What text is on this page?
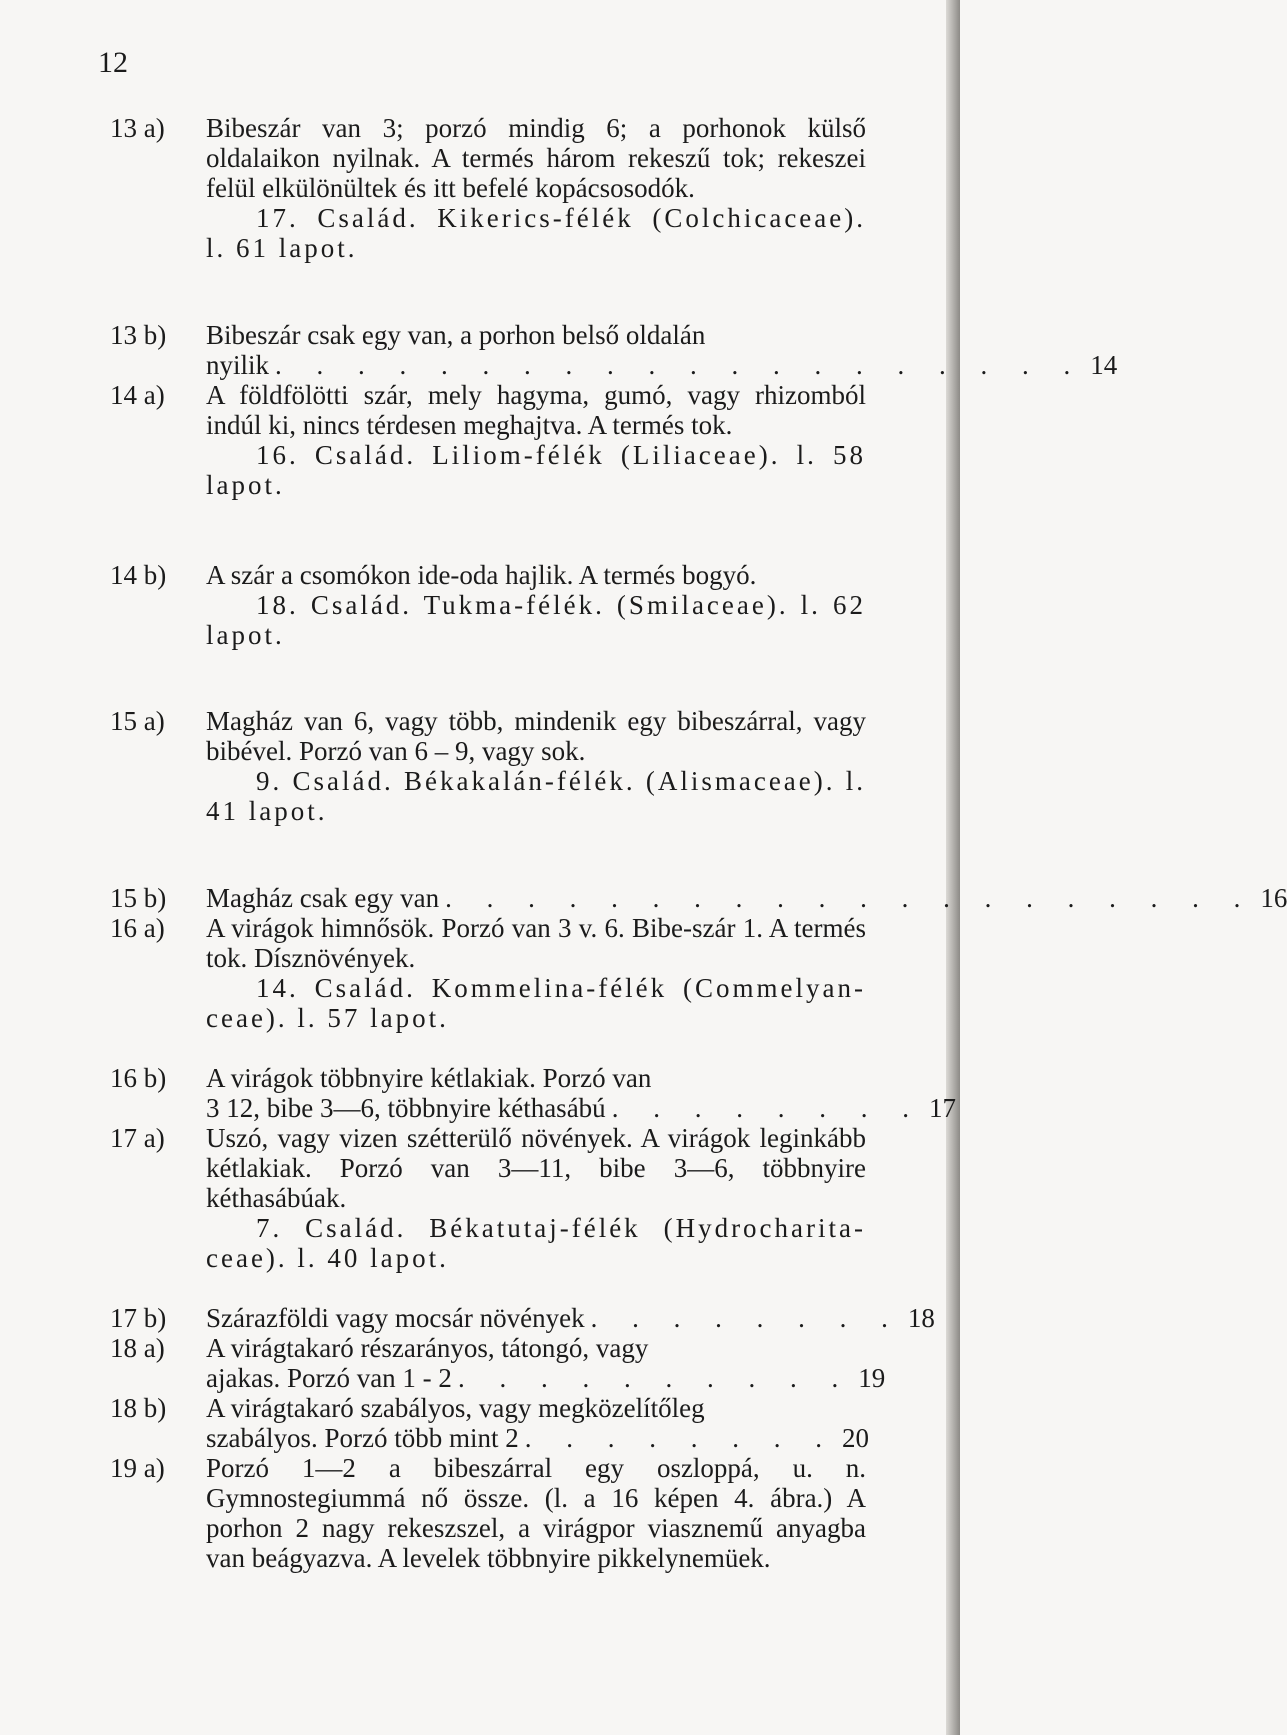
12
13 a)	Bibeszár van 3; porzó mindig 6; a porhonok külső oldalaikon nyilnak. A termés három rekeszű tok; rekeszei felül elkülönültek és itt befelé kopácsosodók.

17. Család. Kikerics-félék (Colchicaceae). l. 61 lapot.

13 b)	Bibeszár csak egy van, a porhon belső oldalán

nyilik . . . . . . . . . . . . . . . . . . . . 14
14 a)	A földfölötti szár, mely hagyma, gumó, vagy rhizomból indúl ki, nincs térdesen meghajtva. A termés tok.

16. Család. Liliom-félék (Liliaceae). l. 58 lapot.

14 b)	A szár a csomókon ide-oda hajlik. A termés bogyó.

18. Család. Tukma-félék. (Smilaceae). l. 62 lapot.

15 a)	Magház van 6, vagy több, mindenik egy bibeszárral, vagy bibével. Porzó van 6 – 9, vagy sok.

9. Család. Békakalán-félék. (Alismaceae). l. 41 lapot.

15 b)	Magház csak egy van . . . . . . . . . . . . . . . . . . . . 16
16 a)	A virágok himnősök. Porzó van 3 v. 6. Bibe-szár 1. A termés tok. Dísznövények.

14. Család. Kommelina-félék (Commelyan-ceae). l. 57 lapot.

16 b)	A virágok többnyire kétlakiak. Porzó van

3 12, bibe 3—6, többnyire kéthasábú . . . . . . . . 17
17 a)	Uszó, vagy vizen szétterülő növények. A virágok leginkább kétlakiak. Porzó van 3—11, bibe 3—6, többnyire kéthasábúak.

7. Család. Békatutaj-félék (Hydrocharita-ceae). l. 40 lapot.

17 b)	Szárazföldi vagy mocsár növények . . . . . . . . 18
18 a)	A virágtakaró részarányos, tátongó, vagy

ajakas. Porzó van 1 - 2 . . . . . . . . . . 19
18 b)	A virágtakaró szabályos, vagy megközelítőleg

szabályos. Porzó több mint 2 . . . . . . . . 20
19 a)	Porzó 1—2 a bibeszárral egy oszloppá, u. n. Gymnostegiummá nő össze. (l. a 16 képen 4. ábra.) A porhon 2 nagy rekeszszel, a virágpor viasznemű anyagba van beágyazva. A levelek többnyire pikkelynemüek.
